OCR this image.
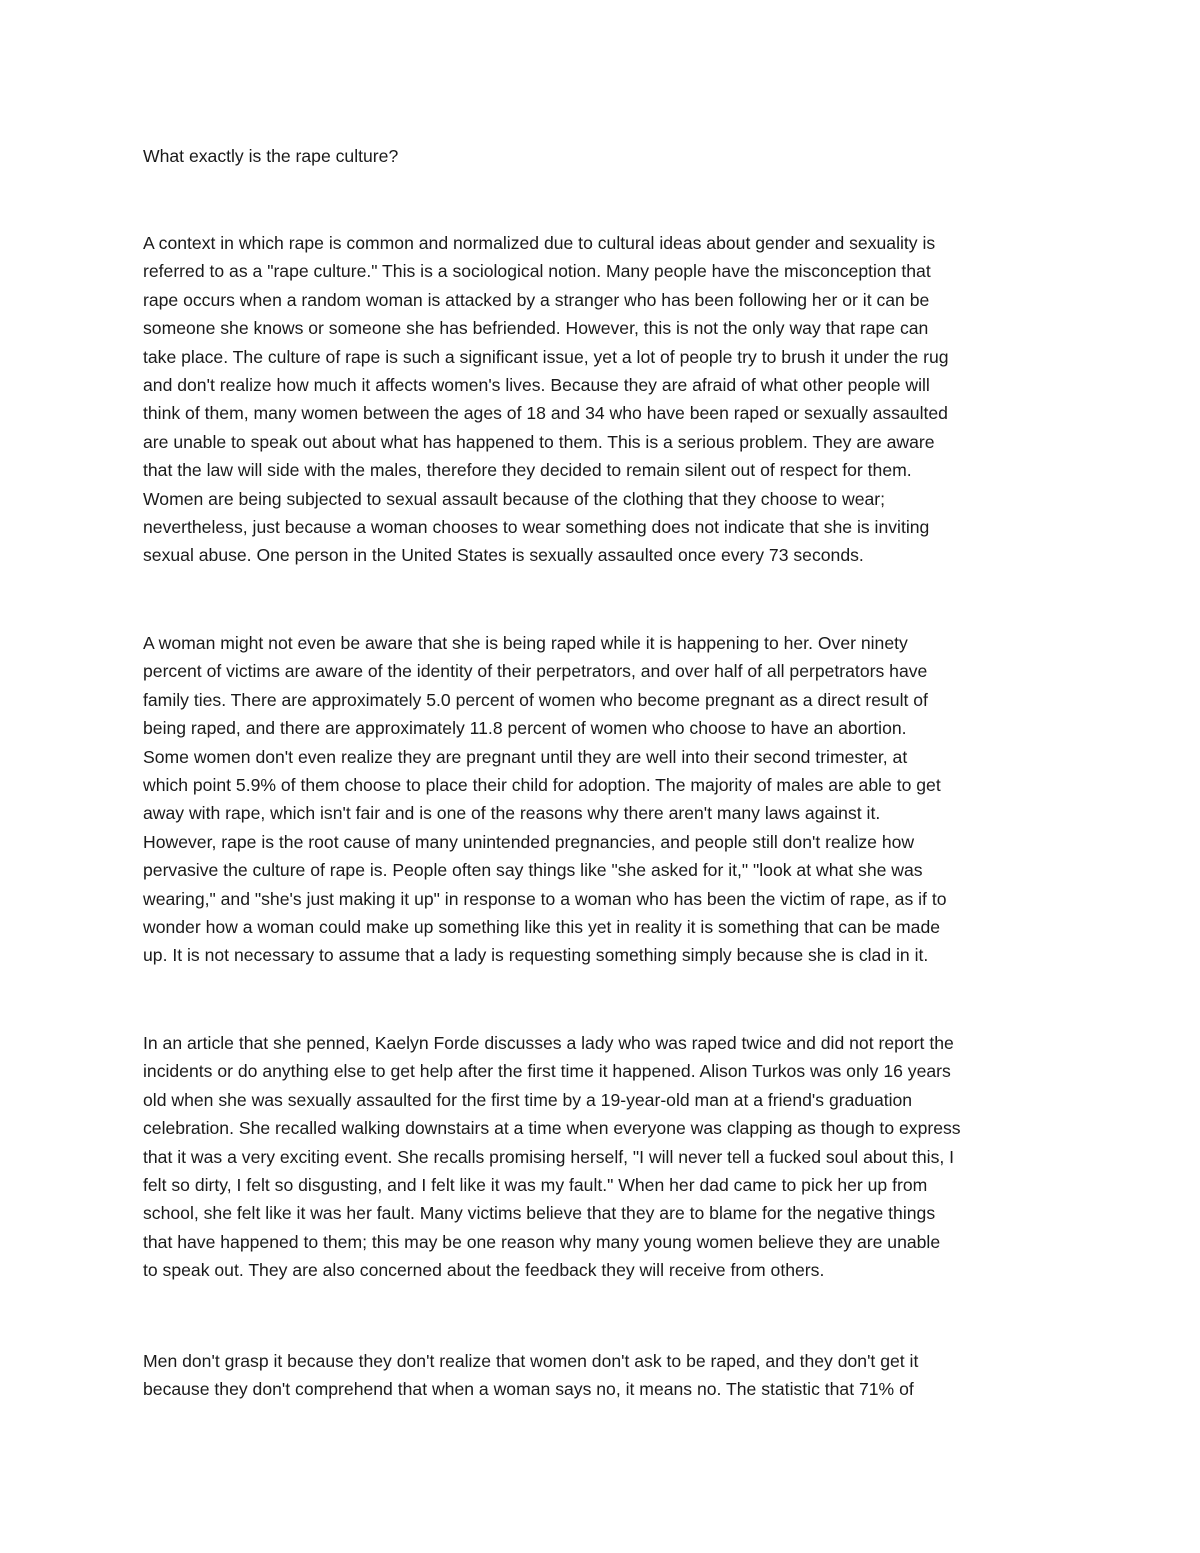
What exactly is the rape culture?
A context in which rape is common and normalized due to cultural ideas about gender and sexuality is
referred to as a "rape culture." This is a sociological notion. Many people have the misconception that
rape occurs when a random woman is attacked by a stranger who has been following her or it can be
someone she knows or someone she has befriended. However, this is not the only way that rape can
take place. The culture of rape is such a significant issue, yet a lot of people try to brush it under the rug
and don't realize how much it affects women's lives. Because they are afraid of what other people will
think of them, many women between the ages of 18 and 34 who have been raped or sexually assaulted
are unable to speak out about what has happened to them. This is a serious problem. They are aware
that the law will side with the males, therefore they decided to remain silent out of respect for them.
Women are being subjected to sexual assault because of the clothing that they choose to wear;
nevertheless, just because a woman chooses to wear something does not indicate that she is inviting
sexual abuse. One person in the United States is sexually assaulted once every 73 seconds.
A woman might not even be aware that she is being raped while it is happening to her. Over ninety
percent of victims are aware of the identity of their perpetrators, and over half of all perpetrators have
family ties. There are approximately 5.0 percent of women who become pregnant as a direct result of
being raped, and there are approximately 11.8 percent of women who choose to have an abortion.
Some women don't even realize they are pregnant until they are well into their second trimester, at
which point 5.9% of them choose to place their child for adoption. The majority of males are able to get
away with rape, which isn't fair and is one of the reasons why there aren't many laws against it.
However, rape is the root cause of many unintended pregnancies, and people still don't realize how
pervasive the culture of rape is. People often say things like "she asked for it," "look at what she was
wearing," and "she's just making it up" in response to a woman who has been the victim of rape, as if to
wonder how a woman could make up something like this yet in reality it is something that can be made
up. It is not necessary to assume that a lady is requesting something simply because she is clad in it.
In an article that she penned, Kaelyn Forde discusses a lady who was raped twice and did not report the
incidents or do anything else to get help after the first time it happened. Alison Turkos was only 16 years
old when she was sexually assaulted for the first time by a 19-year-old man at a friend's graduation
celebration. She recalled walking downstairs at a time when everyone was clapping as though to express
that it was a very exciting event. She recalls promising herself, "I will never tell a fucked soul about this, I
felt so dirty, I felt so disgusting, and I felt like it was my fault." When her dad came to pick her up from
school, she felt like it was her fault. Many victims believe that they are to blame for the negative things
that have happened to them; this may be one reason why many young women believe they are unable
to speak out. They are also concerned about the feedback they will receive from others.
Men don't grasp it because they don't realize that women don't ask to be raped, and they don't get it
because they don't comprehend that when a woman says no, it means no. The statistic that 71% of
